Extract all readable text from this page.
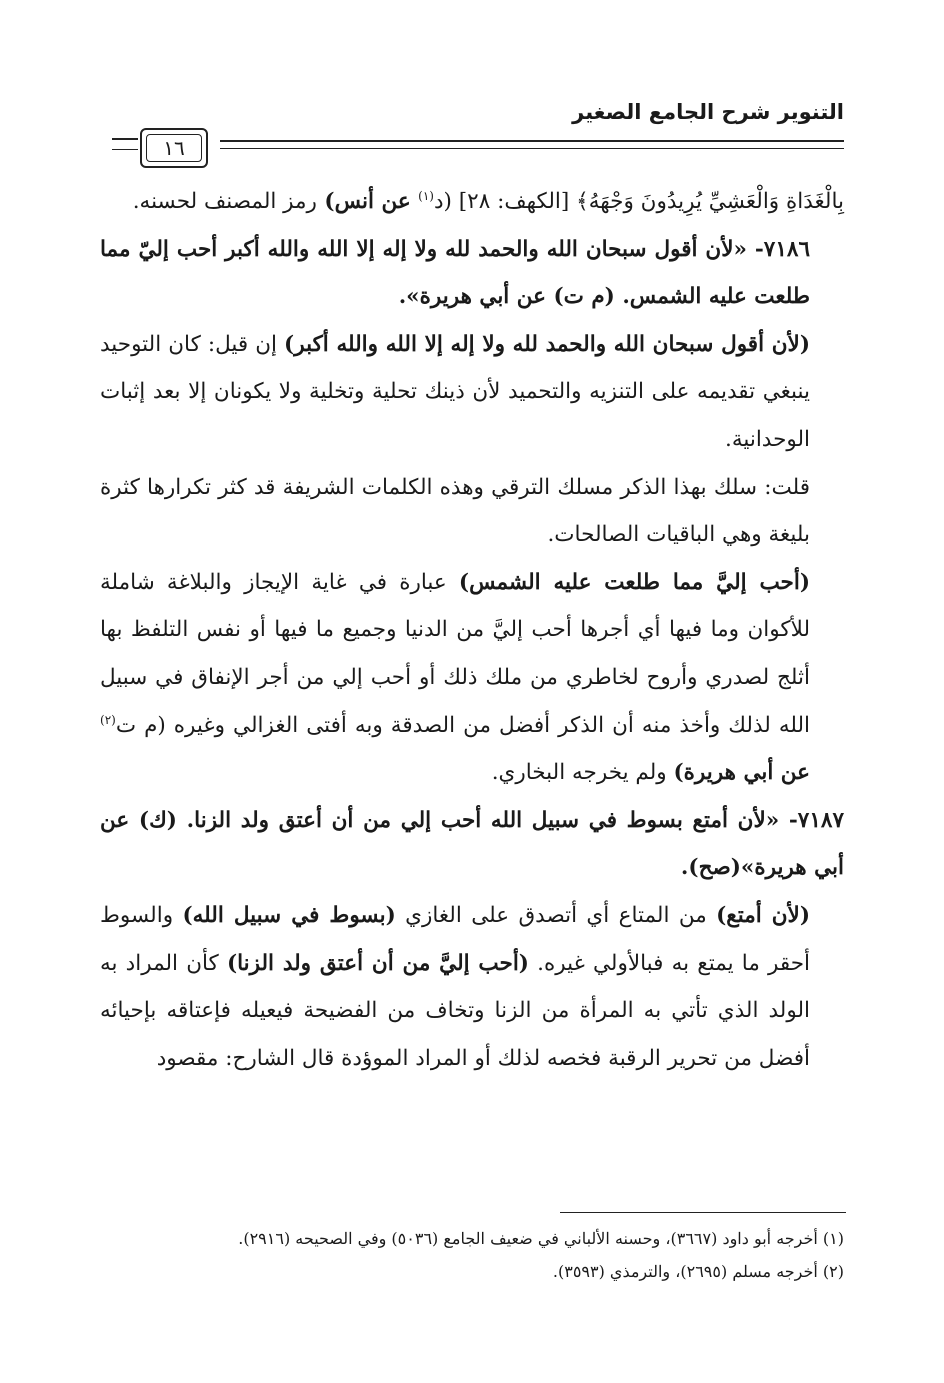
التنوير شرح الجامع الصغير
١٦

بِالْغَدَاةِ وَالْعَشِيِّ يُرِيدُونَ وَجْهَهُ﴾ [الكهف: ٢٨] (د$^{(١)}$ عن أنس) رمز المصنف لحسنه.

٧١٨٦- «لأن أقول سبحان الله والحمد لله ولا إله إلا الله والله أكبر أحب إليّ مما طلعت عليه الشمس. (م ت) عن أبي هريرة».

(لأن أقول سبحان الله والحمد لله ولا إله إلا الله والله أكبر) إن قيل: كان التوحيد ينبغي تقديمه على التنزيه والتحميد لأن ذينك تحلية وتخلية ولا يكونان إلا بعد إثبات الوحدانية.

قلت: سلك بهذا الذكر مسلك الترقي وهذه الكلمات الشريفة قد كثر تكرارها كثرة بليغة وهي الباقيات الصالحات.

(أحب إليَّ مما طلعت عليه الشمس) عبارة في غاية الإيجاز والبلاغة شاملة للأكوان وما فيها أي أجرها أحب إليَّ من الدنيا وجميع ما فيها أو نفس التلفظ بها أثلج لصدري وأروح لخاطري من ملك ذلك أو أحب إلي من أجر الإنفاق في سبيل الله لذلك وأخذ منه أن الذكر أفضل من الصدقة وبه أفتى الغزالي وغيره (م ت$^{(٢)}$ عن أبي هريرة) ولم يخرجه البخاري.

٧١٨٧- «لأن أمتع بسوط في سبيل الله أحب إلي من أن أعتق ولد الزنا. (ك) عن أبي هريرة»(صح).

(لأن أمتع) من المتاع أي أتصدق على الغازي (بسوط في سبيل الله) والسوط أحقر ما يمتع به فبالأولي غيره. (أحب إليَّ من أن أعتق ولد الزنا) كأن المراد به الولد الذي تأتي به المرأة من الزنا وتخاف من الفضيحة فيعيله فإعتاقه بإحيائه أفضل من تحرير الرقبة فخصه لذلك أو المراد الموؤدة قال الشارح: مقصود

(١) أخرجه أبو داود (٣٦٦٧)، وحسنه الألباني في ضعيف الجامع (٥٠٣٦) وفي الصحيحه (٢٩١٦).

(٢) أخرجه مسلم (٢٦٩٥)، والترمذي (٣٥٩٣).
